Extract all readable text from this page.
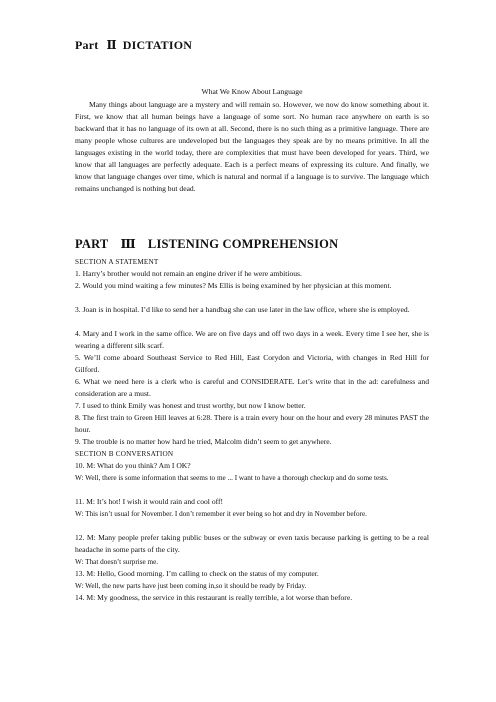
Part Ⅱ DICTATION
What We Know About Language
Many things about language are a mystery and will remain so. However, we now do know something about it. First, we know that all human beings have a language of some sort. No human race anywhere on earth is so backward that it has no language of its own at all. Second, there is no such thing as a primitive language. There are many people whose cultures are undeveloped but the languages they speak are by no means primitive. In all the languages existing in the world today, there are complexities that must have been developed for years. Third, we know that all languages are perfectly adequate. Each is a perfect means of expressing its culture. And finally, we know that language changes over time, which is natural and normal if a language is to survive. The language which remains unchanged is nothing but dead.
PART Ⅲ LISTENING COMPREHENSION
SECTION A STATEMENT
1. Harry’s brother would not remain an engine driver if he were ambitious.
2. Would you mind waiting a few minutes? Ms Ellis is being examined by her physician at this moment.
3. Joan is in hospital. I’d like to send her a handbag she can use later in the law office, where she is employed.
4. Mary and I work in the same office. We are on five days and off two days in a week. Every time I see her, she is wearing a different silk scarf.
5. We’ll come aboard Southeast Service to Red Hill, East Corydon and Victoria, with changes in Red Hill for Gilford.
6. What we need here is a clerk who is careful and CONSIDERATE. Let’s write that in the ad: carefulness and consideration are a must.
7. I used to think Emily was honest and trust worthy, but now I know better.
8. The first train to Green Hill leaves at 6:28. There is a train every hour on the hour and every 28 minutes PAST the hour.
9. The trouble is no matter how hard he tried, Malcolm didn’t seem to get anywhere.
SECTION B CONVERSATION
10. M: What do you think? Am I OK?
W: Well, there is some information that seems to me ... I want to have a thorough checkup and do some tests.
11. M: It’s hot! I wish it would rain and cool off!
W: This isn’t usual for November. I don’t remember it ever being so hot and dry in November before.
12. M: Many people prefer taking public buses or the subway or even taxis because parking is getting to be a real headache in some parts of the city.
W: That doesn’t surprise me.
13. M: Hello, Good morning. I’m calling to check on the status of my computer.
W: Well, the new parts have just been coming in,so it should be ready by Friday.
14. M: My goodness, the service in this restaurant is really terrible, a lot worse than before.
